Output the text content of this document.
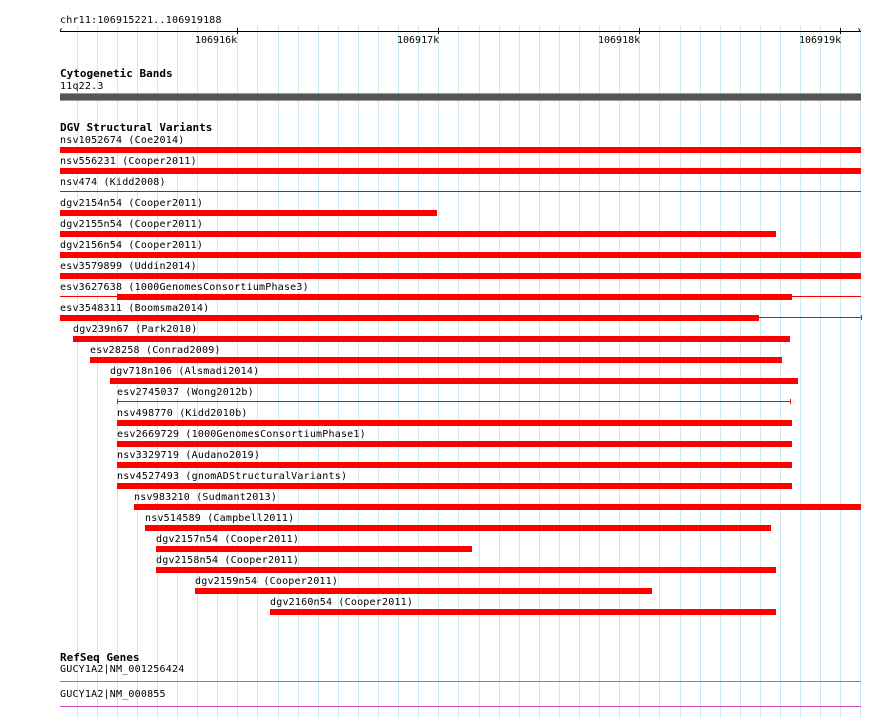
chr11:106915221..106919188
‹	›
106916k	106917k	106918k	106919k
Cytogenetic Bands
11q22.3
DGV Structural Variants
nsv1052674 (Coe2014)
nsv556231 (Cooper2011)
nsv474 (Kidd2008)
dgv2154n54 (Cooper2011)
dgv2155n54 (Cooper2011)
dgv2156n54 (Cooper2011)
esv3579899 (Uddin2014)
esv3627638 (1000GenomesConsortiumPhase3)
esv3548311 (Boomsma2014)
dgv239n67 (Park2010)
esv28258 (Conrad2009)
dgv718n106 (Alsmadi2014)
esv2745037 (Wong2012b)
nsv498770 (Kidd2010b)
esv2669729 (1000GenomesConsortiumPhase1)
nsv3329719 (Audano2019)
nsv4527493 (gnomADStructuralVariants)
nsv983210 (Sudmant2013)
nsv514589 (Campbell2011)
dgv2157n54 (Cooper2011)
dgv2158n54 (Cooper2011)
dgv2159n54 (Cooper2011)
dgv2160n54 (Cooper2011)
RefSeq Genes
GUCY1A2|NM_001256424
GUCY1A2|NM_000855
